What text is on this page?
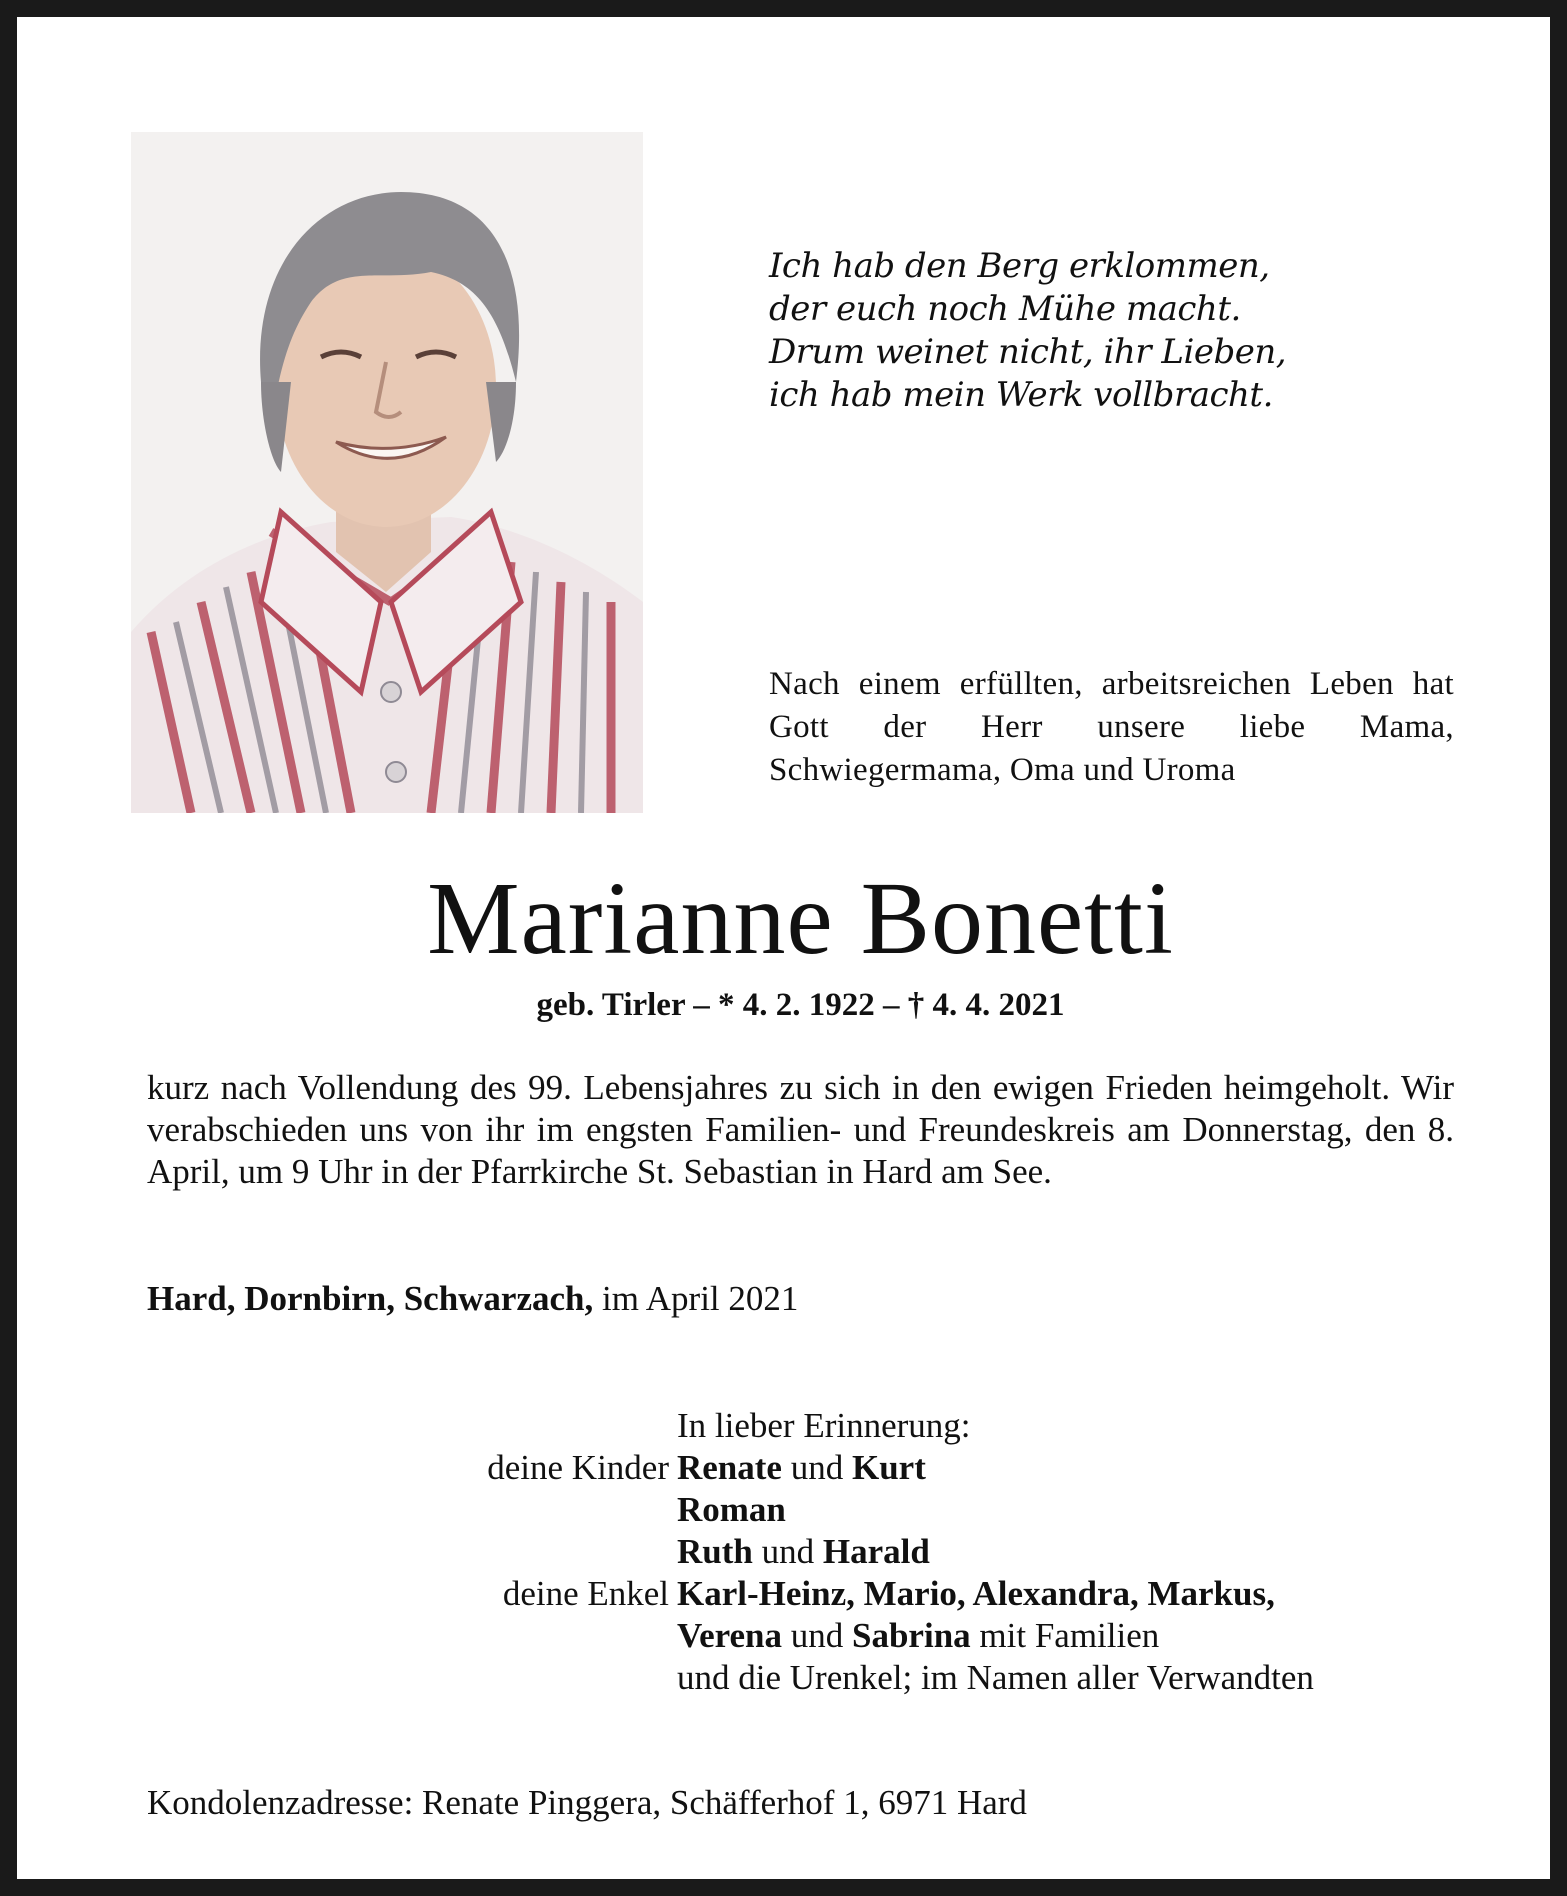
Ich hab den Berg erklommen,
der euch noch Mühe macht.
Drum weinet nicht, ihr Lieben,
ich hab mein Werk vollbracht.
Nach einem erfüllten, arbeitsreichen Leben hat Gott der Herr unsere liebe Mama, Schwiegermama, Oma und Uroma
Marianne Bonetti
geb. Tirler – * 4. 2. 1922 – † 4. 4. 2021
kurz nach Vollendung des 99. Lebensjahres zu sich in den ewigen Frieden heimgeholt. Wir verabschieden uns von ihr im engsten Familien- und Freundeskreis am Donnerstag, den 8. April, um 9 Uhr in der Pfarrkirche St. Sebastian in Hard am See.
Hard, Dornbirn, Schwarzach, im April 2021
In lieber Erinnerung:
deine Kinder Renate und Kurt
Roman
Ruth und Harald
deine Enkel Karl-Heinz, Mario, Alexandra, Markus,
Verena und Sabrina mit Familien
und die Urenkel; im Namen aller Verwandten
Kondolenzadresse: Renate Pinggera, Schäfferhof 1, 6971 Hard
